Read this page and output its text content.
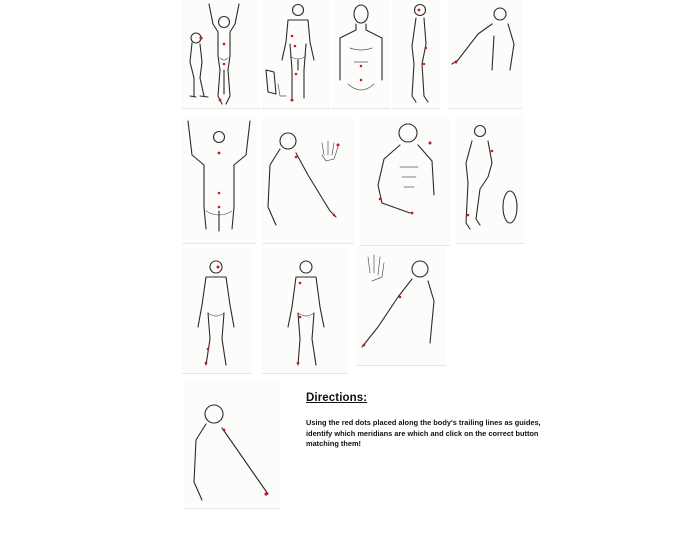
Directions:

Using the red dots placed along the body's trailing lines as guides, identify which meridians are which and click on the correct button matching them!
